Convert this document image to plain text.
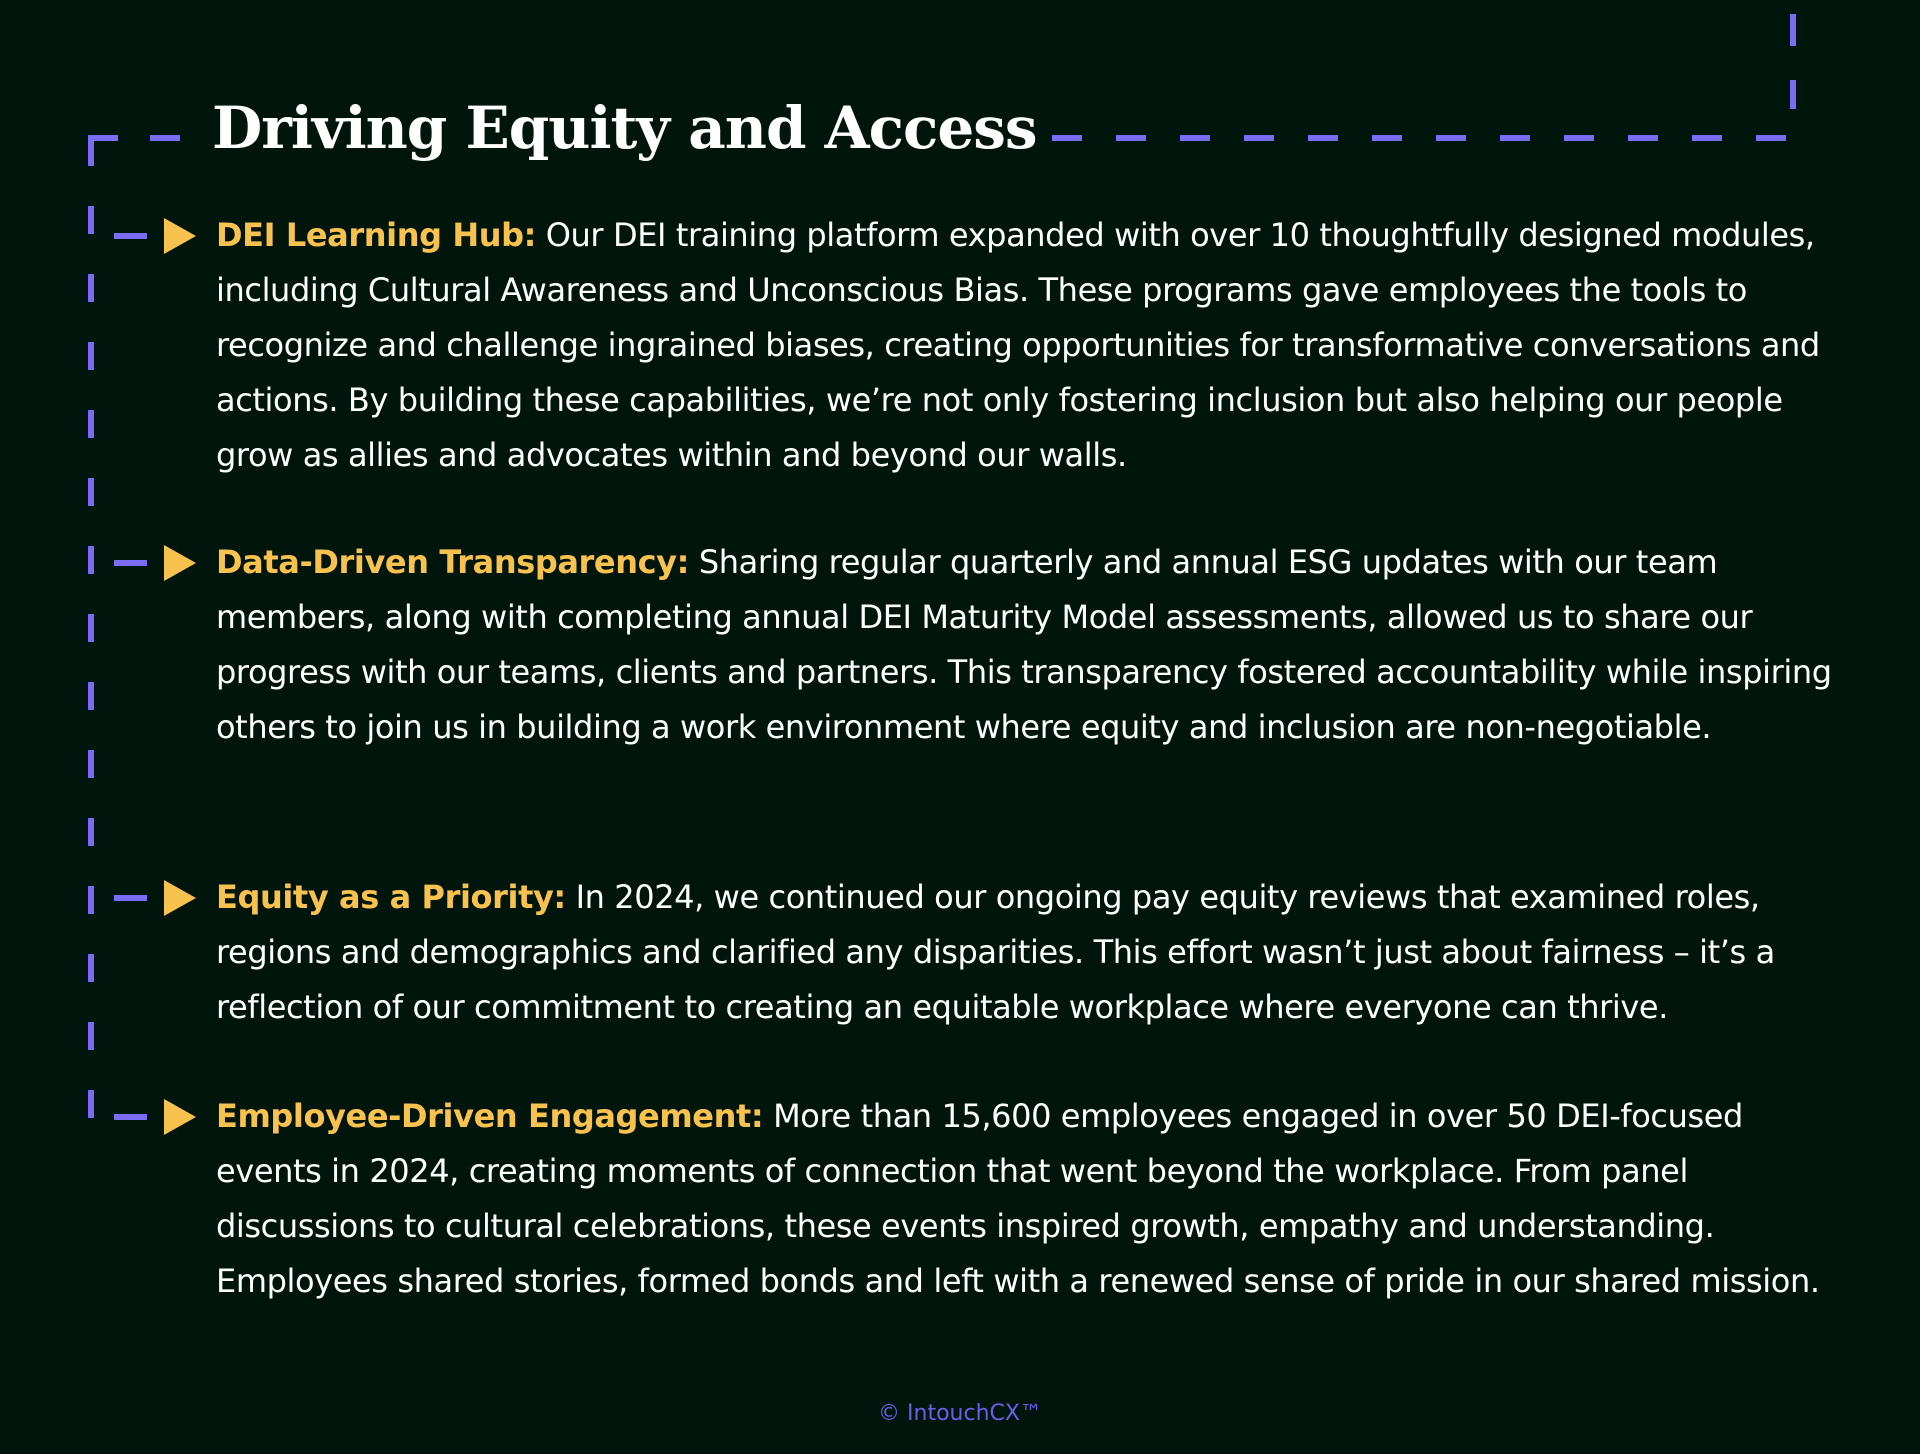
Driving Equity and Access

DEI Learning Hub: Our DEI training platform expanded with over 10 thoughtfully designed modules, including Cultural Awareness and Unconscious Bias. These programs gave employees the tools to recognize and challenge ingrained biases, creating opportunities for transformative conversations and actions. By building these capabilities, we’re not only fostering inclusion but also helping our people grow as allies and advocates within and beyond our walls.

Data-Driven Transparency: Sharing regular quarterly and annual ESG updates with our team members, along with completing annual DEI Maturity Model assessments, allowed us to share our progress with our teams, clients and partners. This transparency fostered accountability while inspiring others to join us in building a work environment where equity and inclusion are non-negotiable.

Equity as a Priority: In 2024, we continued our ongoing pay equity reviews that examined roles, regions and demographics and clarified any disparities. This effort wasn’t just about fairness – it’s a reflection of our commitment to creating an equitable workplace where everyone can thrive.

Employee-Driven Engagement: More than 15,600 employees engaged in over 50 DEI-focused events in 2024, creating moments of connection that went beyond the workplace. From panel discussions to cultural celebrations, these events inspired growth, empathy and understanding. Employees shared stories, formed bonds and left with a renewed sense of pride in our shared mission.

© IntouchCX™
